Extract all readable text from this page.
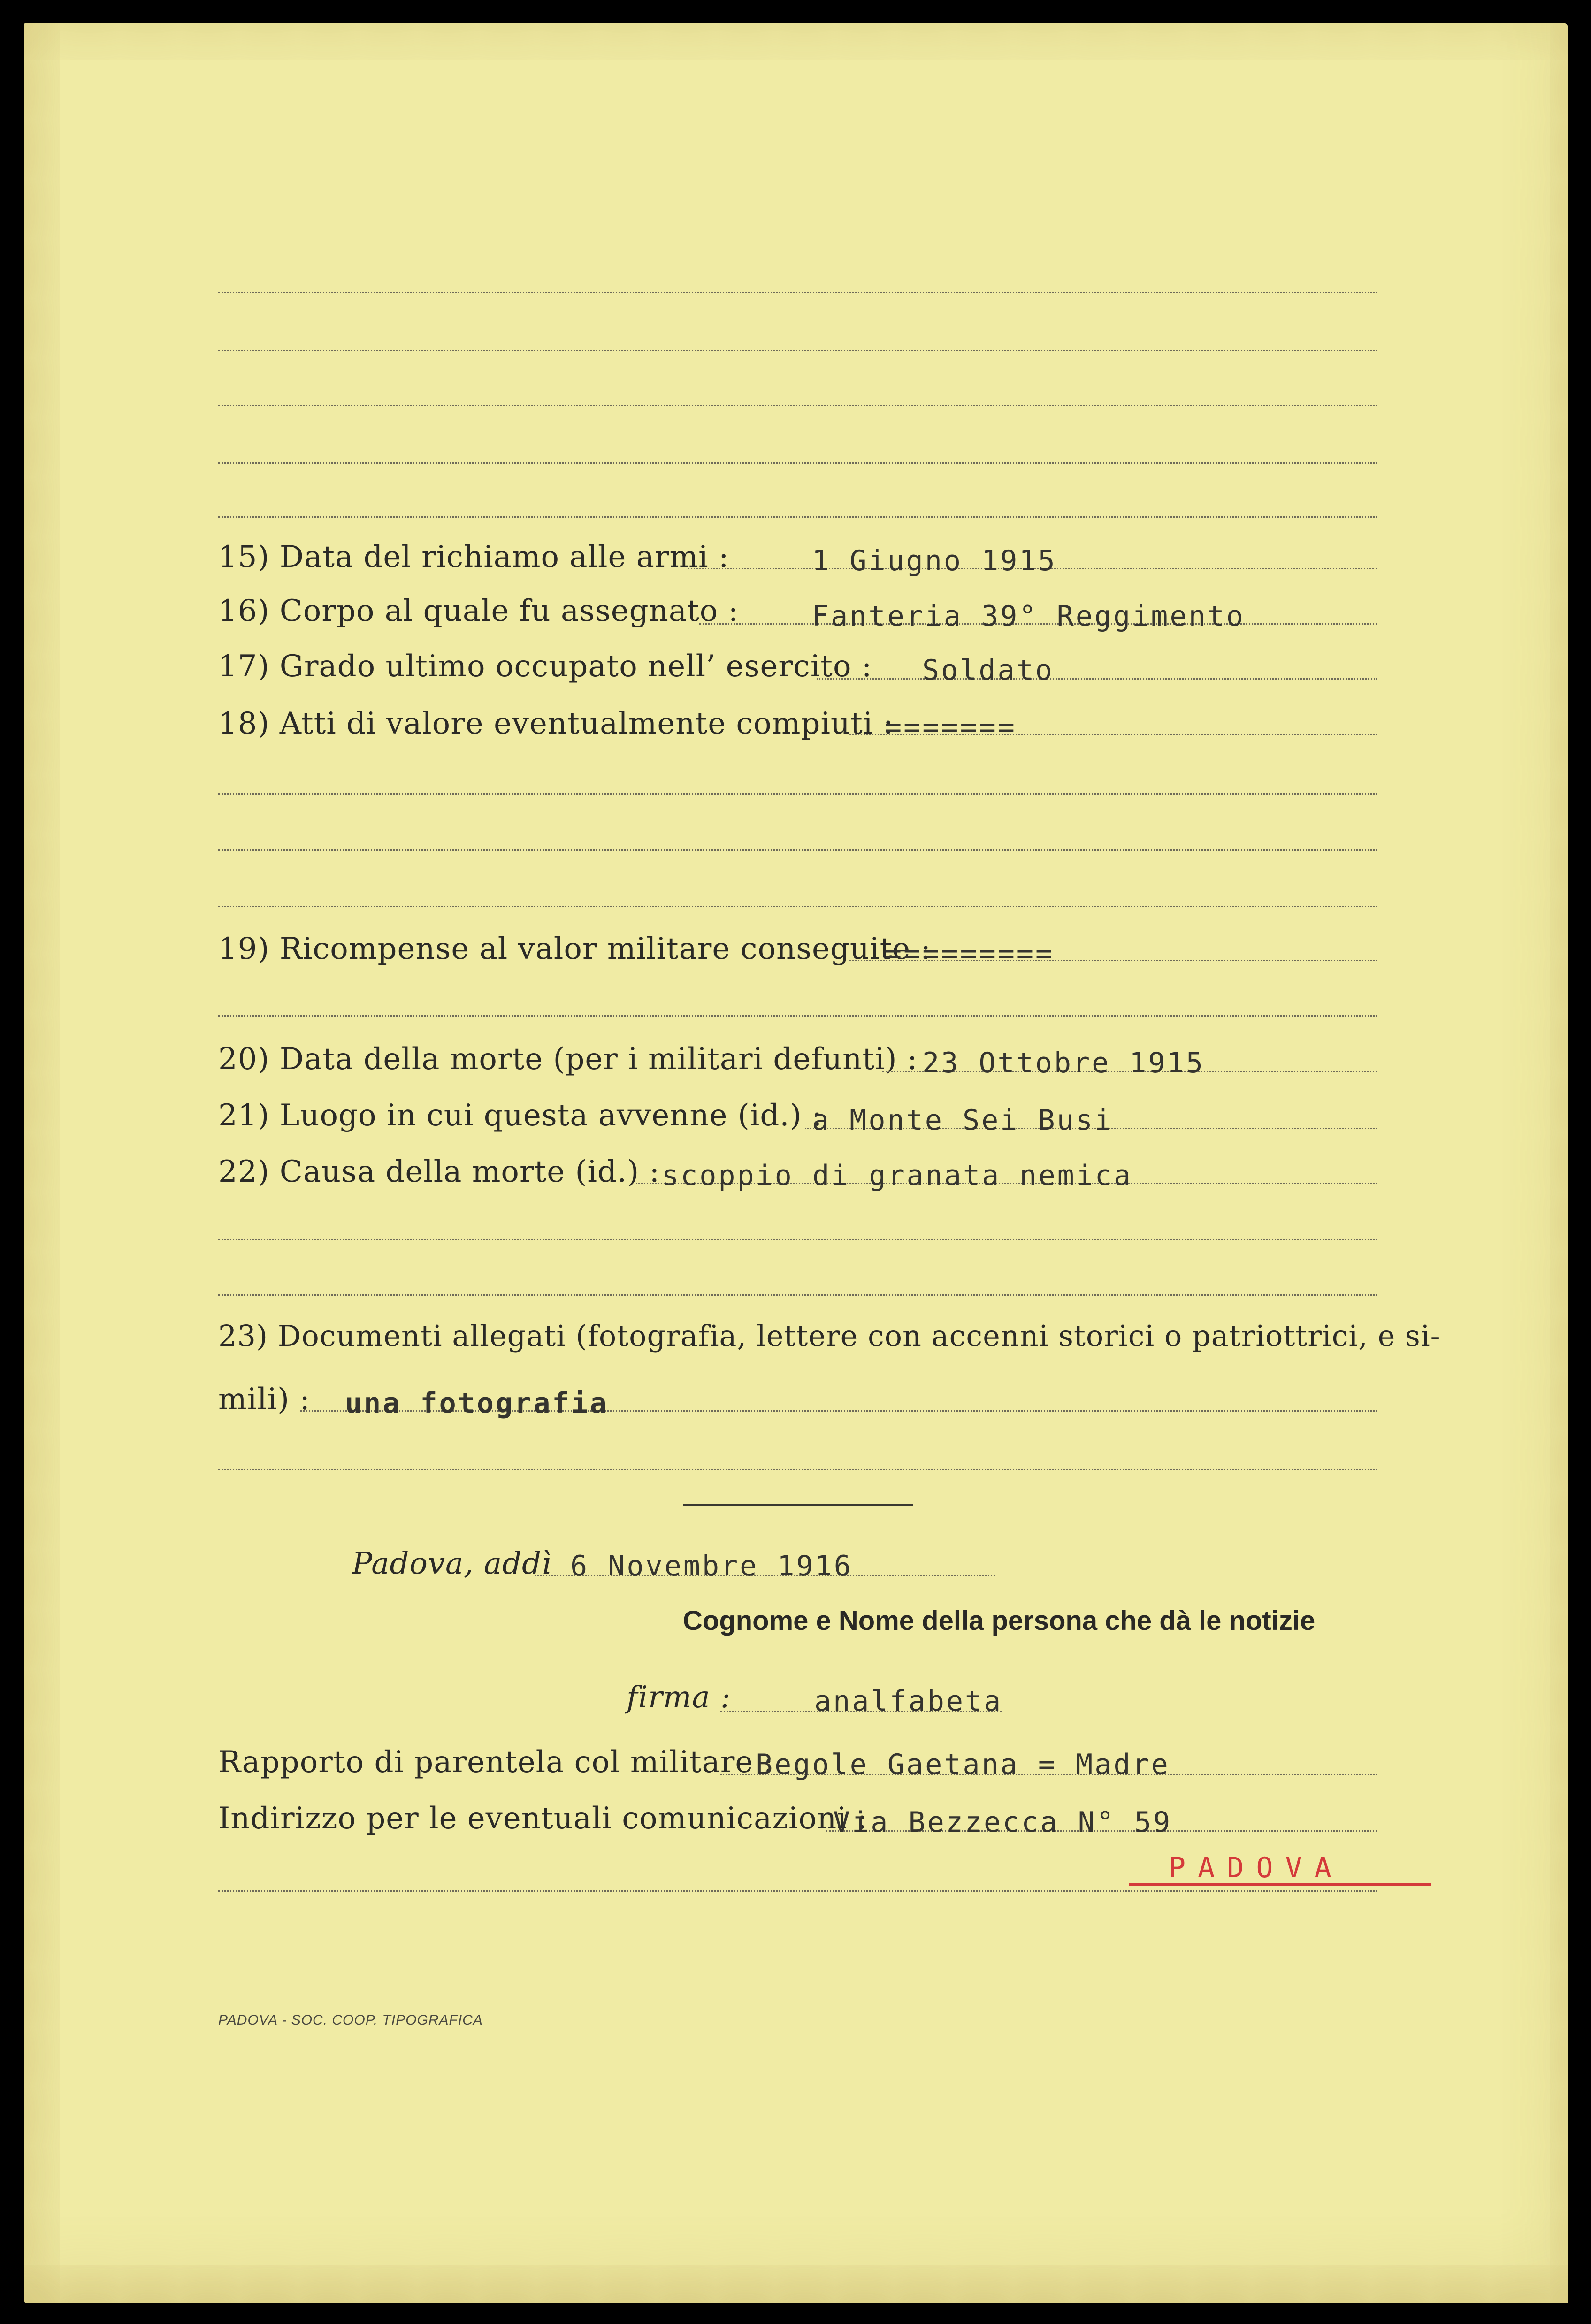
15) Data del richiamo alle armi :	1 Giugno 1915
16) Corpo al quale fu assegnato :	Fanteria 39° Reggimento
17) Grado ultimo occupato nell’ esercito : Soldato
18) Atti di valore eventualmente compiuti :
=======
19) Ricompense al valor militare conseguite :
=========
20) Data della morte (per i militari defunti) : 23 Ottobre 1915
21) Luogo in cui questa avvenne (id.) :
a Monte Sei Busi
22) Causa della morte (id.) : scoppio di granata nemica
23) Documenti allegati (fotografia, lettere con accenni storici o patriottrici, e si-
mili) : una fotografia
Padova, addì 6 Novembre 1916
Cognome e Nome della persona che dà le notizie
firma :	analfabeta
Rapporto di parentela col militare :
Begole Gaetana = Madre
Indirizzo per le eventuali comunicazioni :
Via Bezzecca N° 59
PADOVA
PADOVA - SOC. COOP. TIPOGRAFICA
